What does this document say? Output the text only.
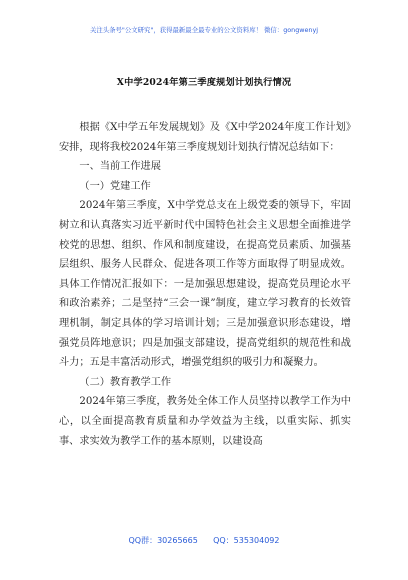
关注头条号"公文研究"，获得最新最全最专业的公文资料库！ 微信：gongwenyj
X中学2024年第三季度规划计划执行情况

根据《X中学五年发展规划》及《X中学2024年度工作计划》安排，现将我校2024年第三季度规划计划执行情况总结如下：

一、当前工作进展

（一）党建工作

2024年第三季度，X中学党总支在上级党委的领导下，牢固树立和认真落实习近平新时代中国特色社会主义思想全面推进学校党的思想、组织、作风和制度建设，在提高党员素质、加强基层组织、服务人民群众、促进各项工作等方面取得了明显成效。具体工作情况汇报如下：一是加强思想建设，提高党员理论水平和政治素养；二是坚持“三会一课”制度，建立学习教育的长效管理机制，制定具体的学习培训计划；三是加强意识形态建设，增强党员阵地意识；四是加强支部建设，提高党组织的规范性和战斗力；五是丰富活动形式，增强党组织的吸引力和凝聚力。

（二）教育教学工作

2024年第三季度，教务处全体工作人员坚持以教学工作为中心，以全面提高教育质量和办学效益为主线，以重实际、抓实事、求实效为教学工作的基本原则，以建设高

QQ群：30265665      QQ：535304092
